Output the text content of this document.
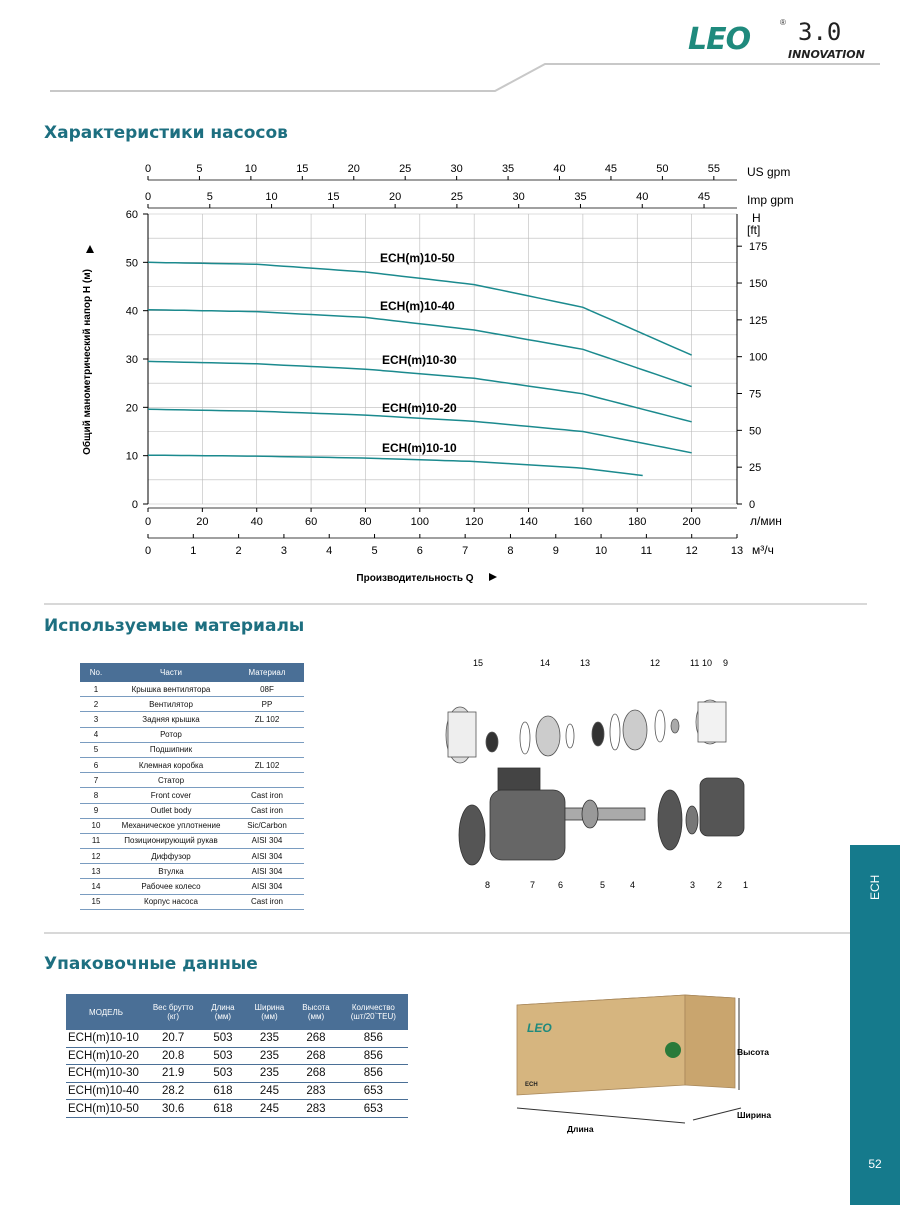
LEO	® 3.0
INNOVATION
Характеристики насосов
0	5	10	15	20	25	30	35	40	45	50	55 US gpm
0	5	10	15	20	25	30	35	40	45	Imp gpm
0
10
20
30
40
50
60
0
25
50
75
100
125
150
175
H
[ft]
0	20	40	60	80	100	120	140	160	180	200	л/мин
0	1	2	3	4	5	6	7	8	9	10	11	12	13 м³/ч
Производительность Q
Общий манометрический напор H (м)
ECH(m)10-50
ECH(m)10-40
ECH(m)10-30
ECH(m)10-20
ECH(m)10-10
Используемые материалы
No.	Части	Материал
1	Крышка вентилятора	08F
2	Вентилятор	PP
3	Задняя крышка	ZL 102
4	Ротор	
5	Подшипник	
6	Клемная коробка	ZL 102
7	Статор	
8	Front cover	Cast iron
9	Outlet body	Cast iron
10	Механическое уплотнение	Sic/Carbon
11	Позиционирующий рукав	AISI 304
12	Диффузор	AISI 304
13	Втулка	AISI 304
14	Рабочее колесо	AISI 304
15	Корпус насоса	Cast iron
15	14	13	12	11 10 9
8	7	6	5	4	3 2 1
Упаковочные данные
МОДЕЛЬ	Вес брутто (кг)	Длина (мм)	Ширина (мм)	Высота (мм)	Количество (шт/20`TEU)
ECH(m)10-10	20.7	503	235	268	856
ECH(m)10-20	20.8	503	235	268	856
ECH(m)10-30	21.9	503	235	268	856
ECH(m)10-40	28.2	618	245	283	653
ECH(m)10-50	30.6	618	245	283	653
LEO
ECH
Высота
Ширина
Длина
ECH
52
